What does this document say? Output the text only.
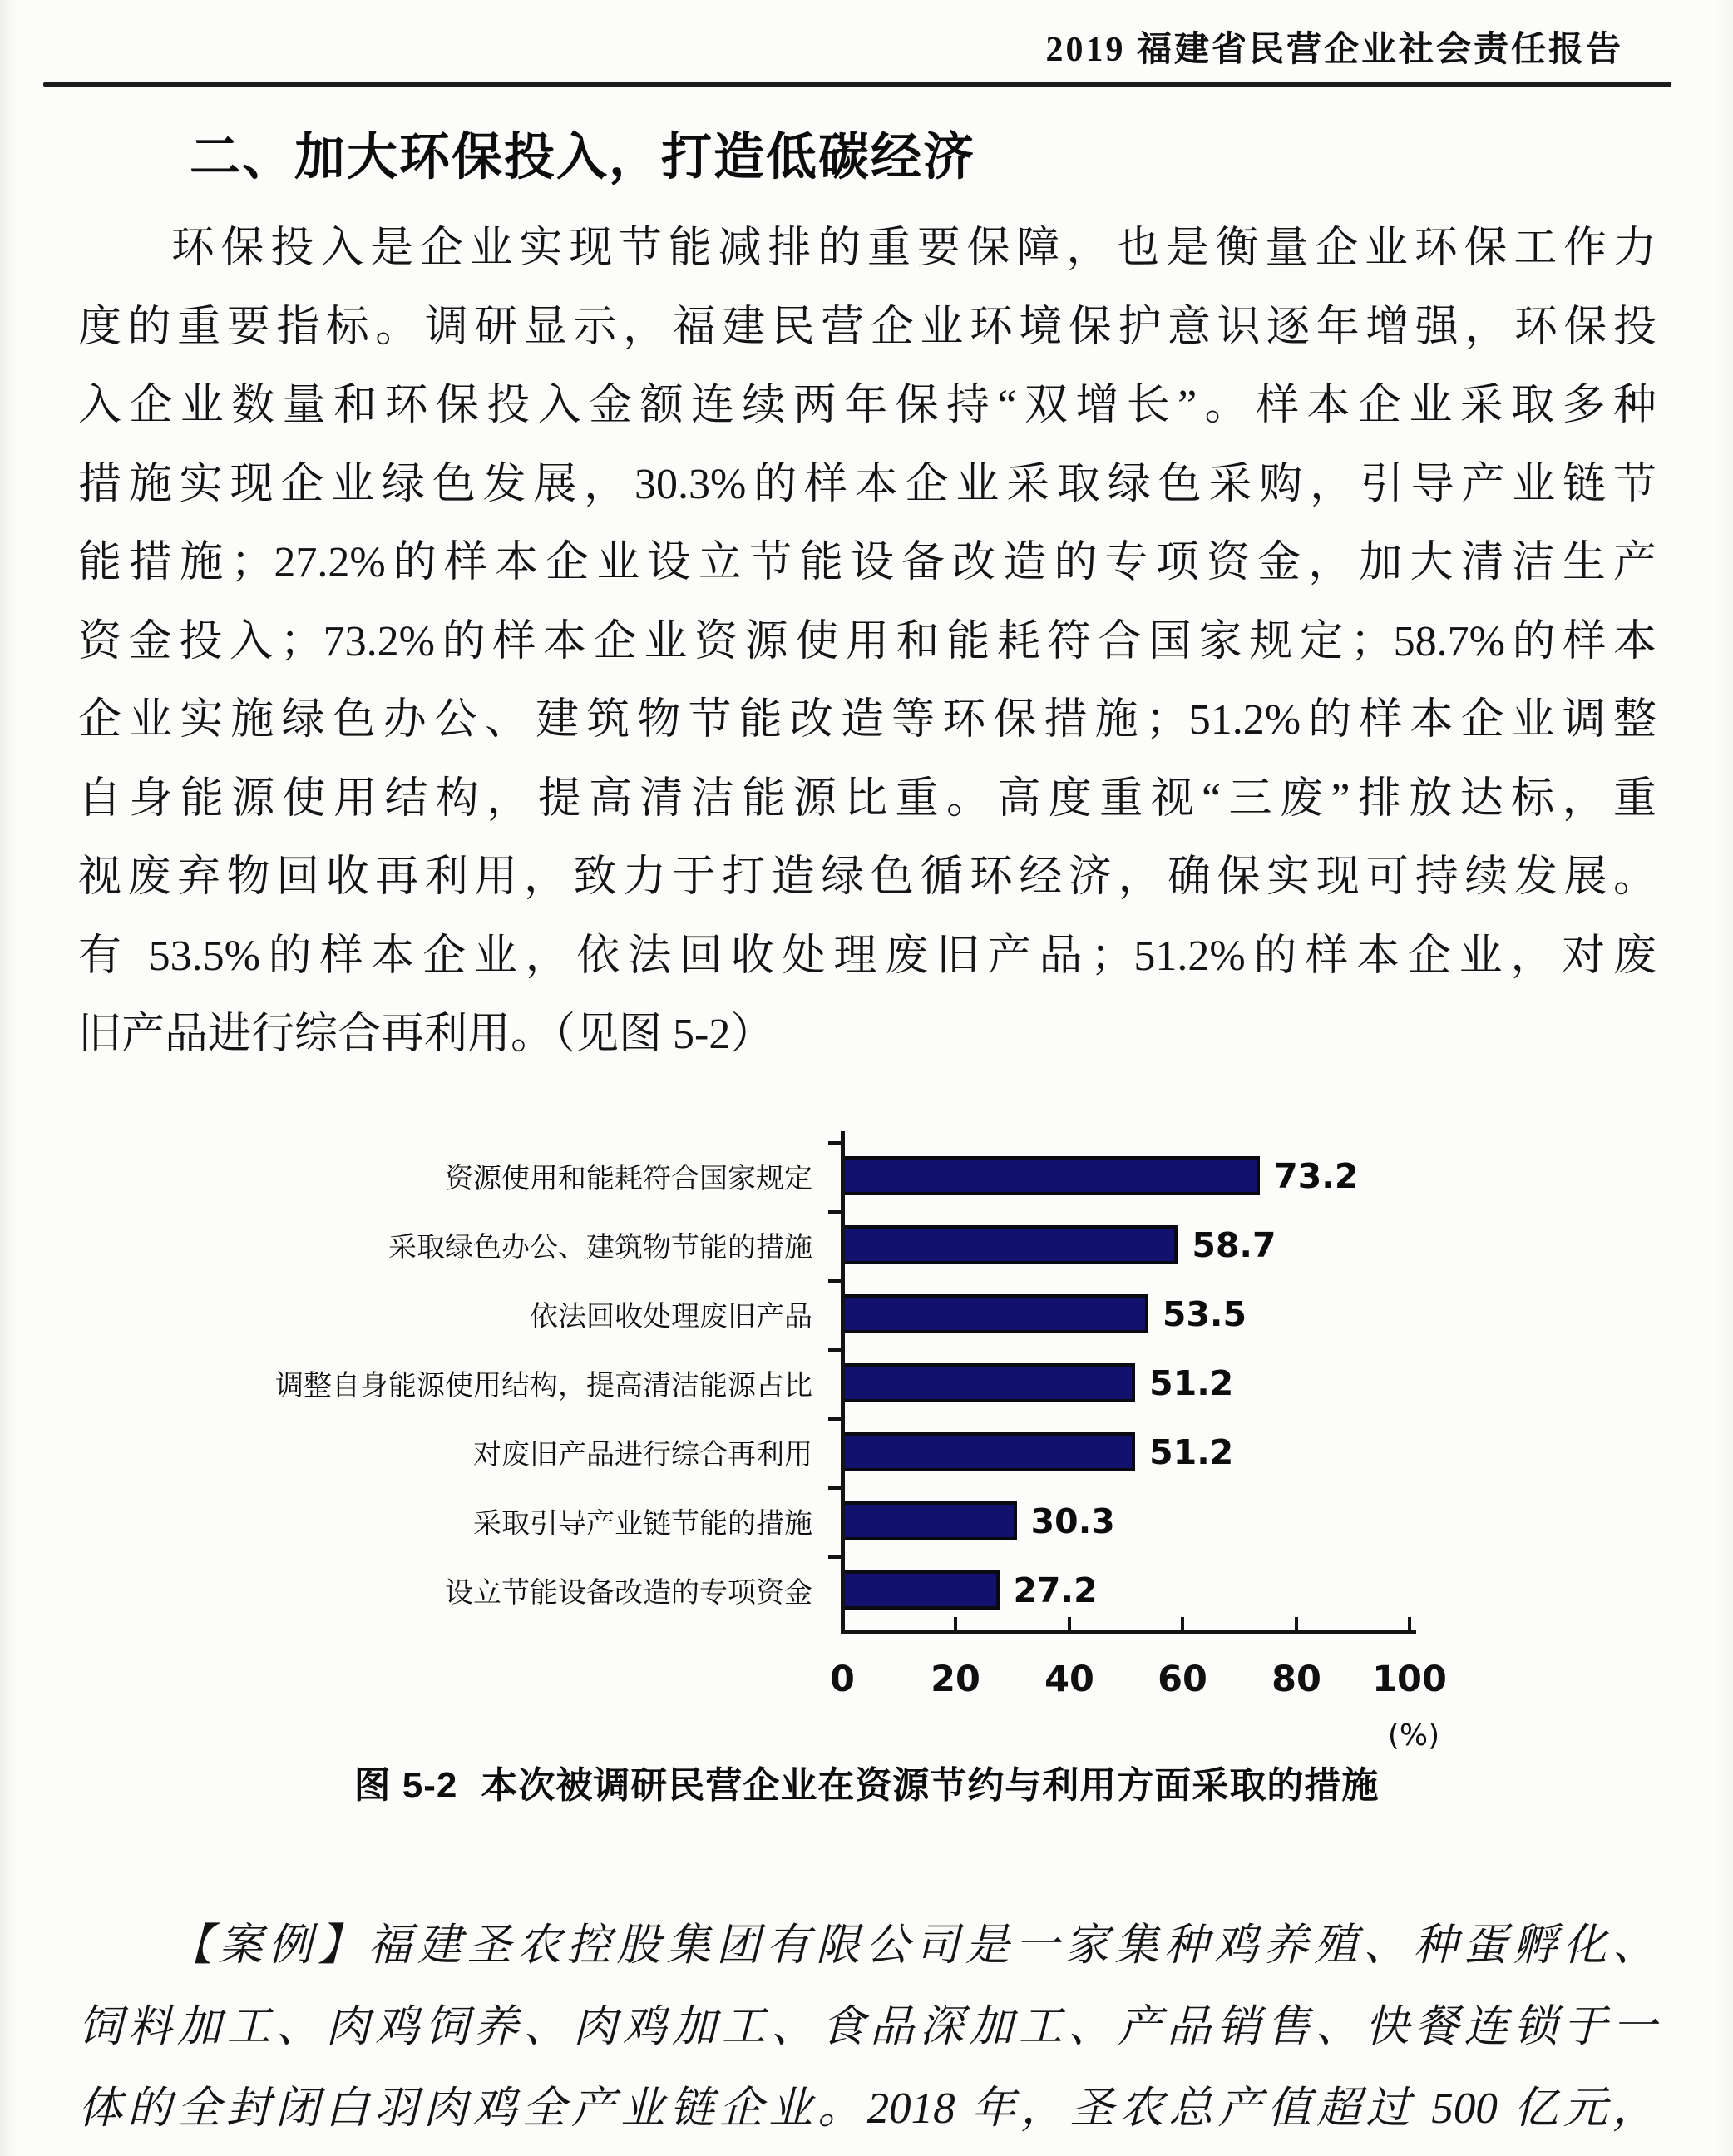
2019 福建省民营企业社会责任报告
二、加大环保投入，打造低碳经济
环保投入是企业实现节能减排的重要保障，也是衡量企业环保工作力
度的重要指标。调研显示，福建民营企业环境保护意识逐年增强，环保投
入企业数量和环保投入金额连续两年保持“双增长”。样本企业采取多种
措施实现企业绿色发展，30.3%的样本企业采取绿色采购，引导产业链节
能措施；27.2%的样本企业设立节能设备改造的专项资金，加大清洁生产
资金投入；73.2%的样本企业资源使用和能耗符合国家规定；58.7%的样本
企业实施绿色办公、建筑物节能改造等环保措施；51.2%的样本企业调整
自身能源使用结构，提高清洁能源比重。高度重视“三废”排放达标，重
视废弃物回收再利用，致力于打造绿色循环经济，确保实现可持续发展。
有 53.5%的样本企业，依法回收处理废旧产品；51.2%的样本企业，对废
旧产品进行综合再利用。（见图 5-2）
资源使用和能耗符合国家规定	73.2
采取绿色办公、建筑物节能的措施	58.7
依法回收处理废旧产品	53.5
调整自身能源使用结构，提高清洁能源占比	51.2
对废旧产品进行综合再利用	51.2
采取引导产业链节能的措施	30.3
设立节能设备改造的专项资金	27.2
0	20	40	60	80	100
(%)
图 5-2 本次被调研民营企业在资源节约与利用方面采取的措施
【案例】福建圣农控股集团有限公司是一家集种鸡养殖、种蛋孵化、
饲料加工、肉鸡饲养、肉鸡加工、食品深加工、产品销售、快餐连锁于一
体的全封闭白羽肉鸡全产业链企业。2018 年，圣农总产值超过 500 亿元，
